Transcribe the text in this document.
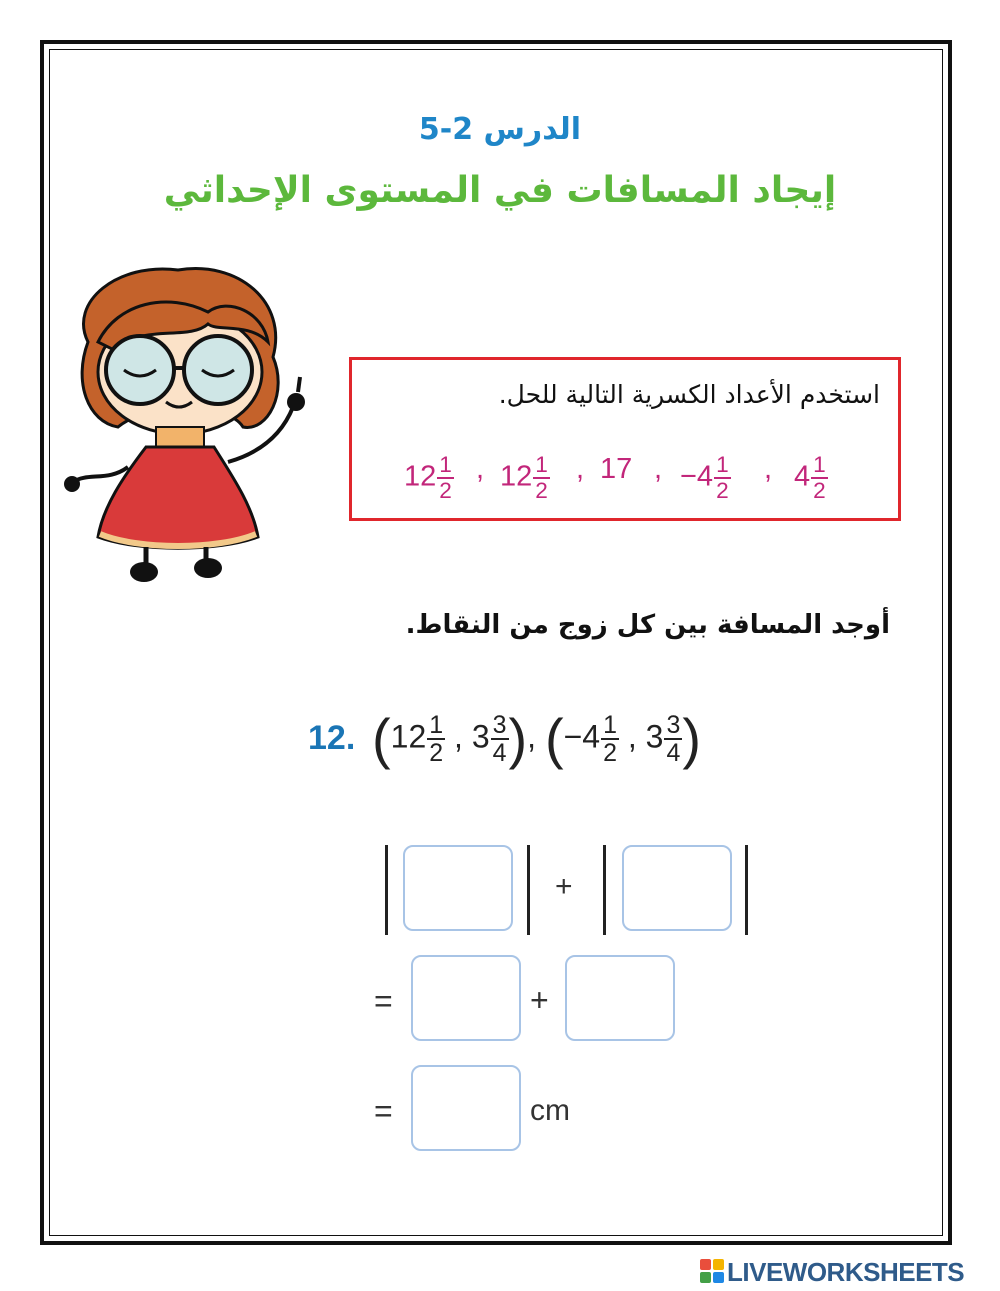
الدرس 2-5
إيجاد المسافات في المستوى الإحداثي
استخدم الأعداد الكسرية التالية للحل.
$12 \frac{1}{2}$ , $12 \frac{1}{2}$ , 17 , $-4 \frac{1}{2}$ , $4 \frac{1}{2}$
أوجد المسافة بين كل زوج من النقاط.
12. ($12 \frac{1}{2}$ , $3 \frac{3}{4}$ ), ($-4 \frac{1}{2}$ , $3 \frac{3}{4}$ )
+
=	+
=	cm
LIVEWORKSHEETS
